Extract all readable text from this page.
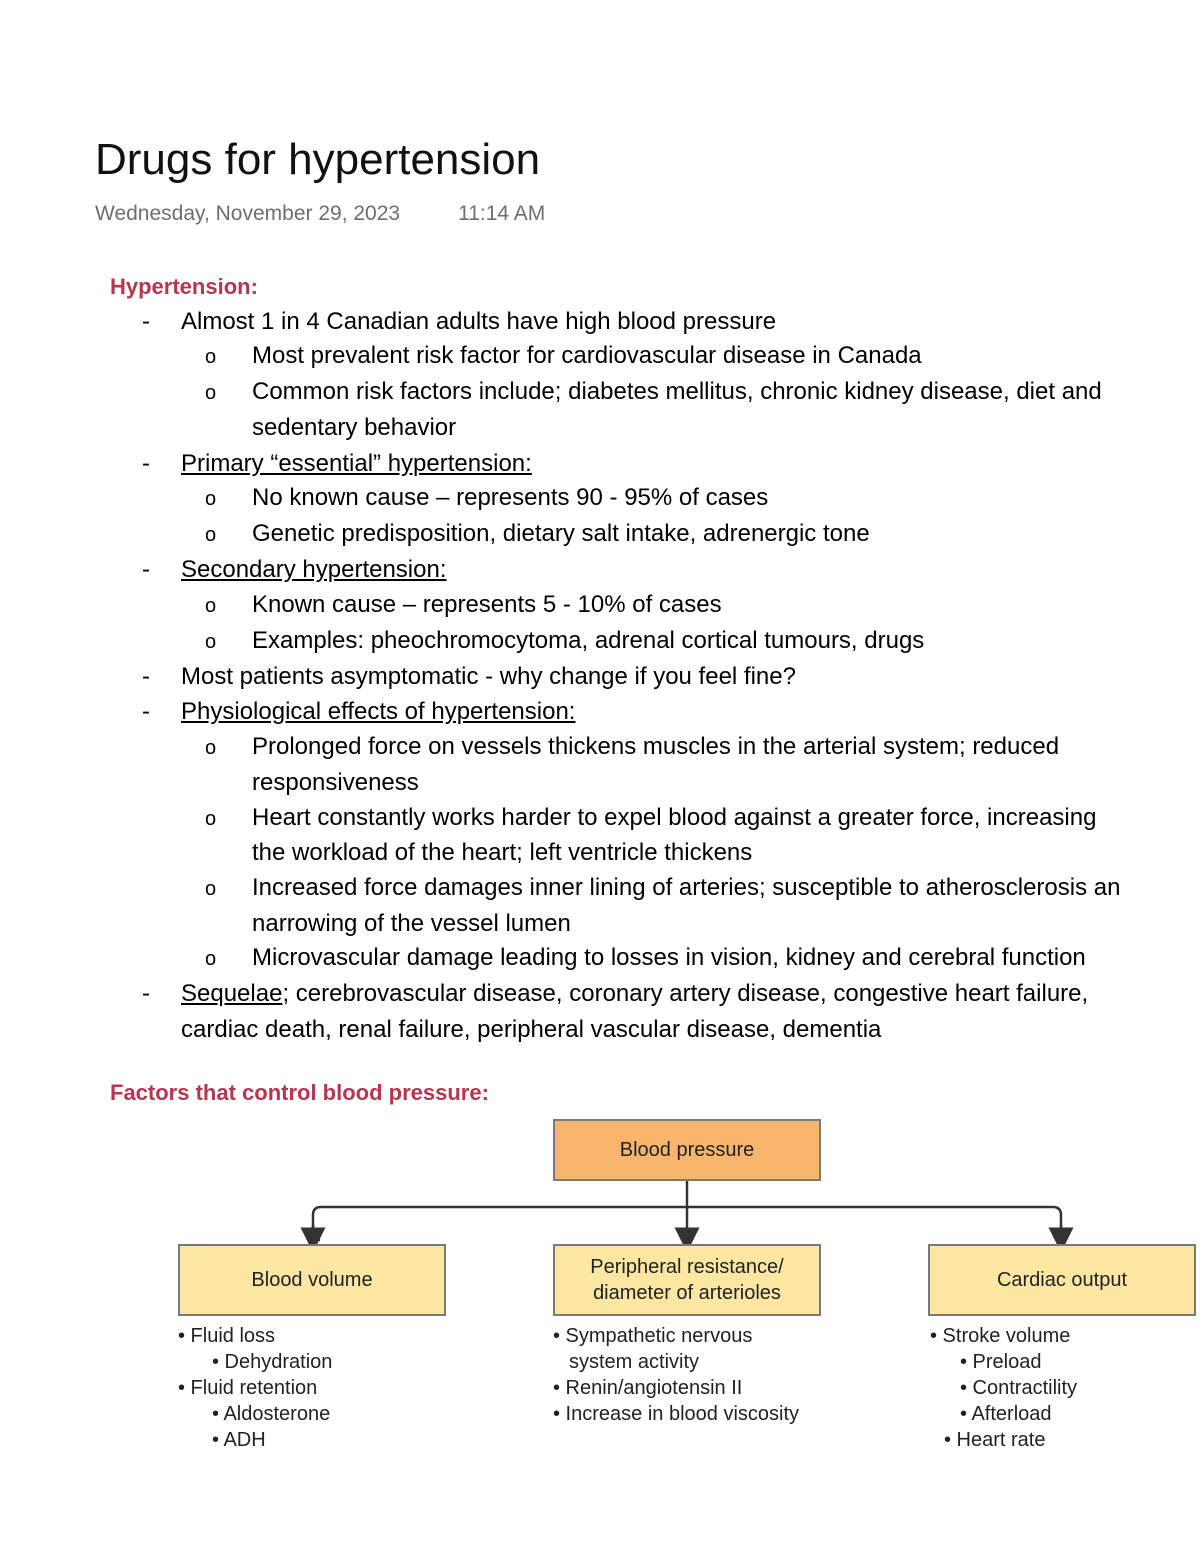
Drugs for hypertension
Wednesday, November 29, 2023	11:14 AM
Hypertension:
- Almost 1 in 4 Canadian adults have high blood pressure
o Most prevalent risk factor for cardiovascular disease in Canada
o Common risk factors include; diabetes mellitus, chronic kidney disease, diet and
sedentary behavior
- Primary “essential” hypertension:
o No known cause – represents 90 - 95% of cases
o Genetic predisposition, dietary salt intake, adrenergic tone
- Secondary hypertension:
o Known cause – represents 5 - 10% of cases
o Examples: pheochromocytoma, adrenal cortical tumours, drugs
- Most patients asymptomatic - why change if you feel fine?
- Physiological effects of hypertension:
o Prolonged force on vessels thickens muscles in the arterial system; reduced
responsiveness
o Heart constantly works harder to expel blood against a greater force, increasing
the workload of the heart; left ventricle thickens
o Increased force damages inner lining of arteries; susceptible to atherosclerosis an
narrowing of the vessel lumen
o Microvascular damage leading to losses in vision, kidney and cerebral function
- Sequelae; cerebrovascular disease, coronary artery disease, congestive heart failure,
cardiac death, renal failure, peripheral vascular disease, dementia
Factors that control blood pressure:
Blood pressure
Blood volume
Peripheral resistance/
diameter of arterioles
Cardiac output
• Fluid loss
• Dehydration
• Fluid retention
• Aldosterone
• ADH
• Sympathetic nervous
system activity
• Renin/angiotensin II
• Increase in blood viscosity
• Stroke volume
• Preload
• Contractility
• Afterload
• Heart rate
